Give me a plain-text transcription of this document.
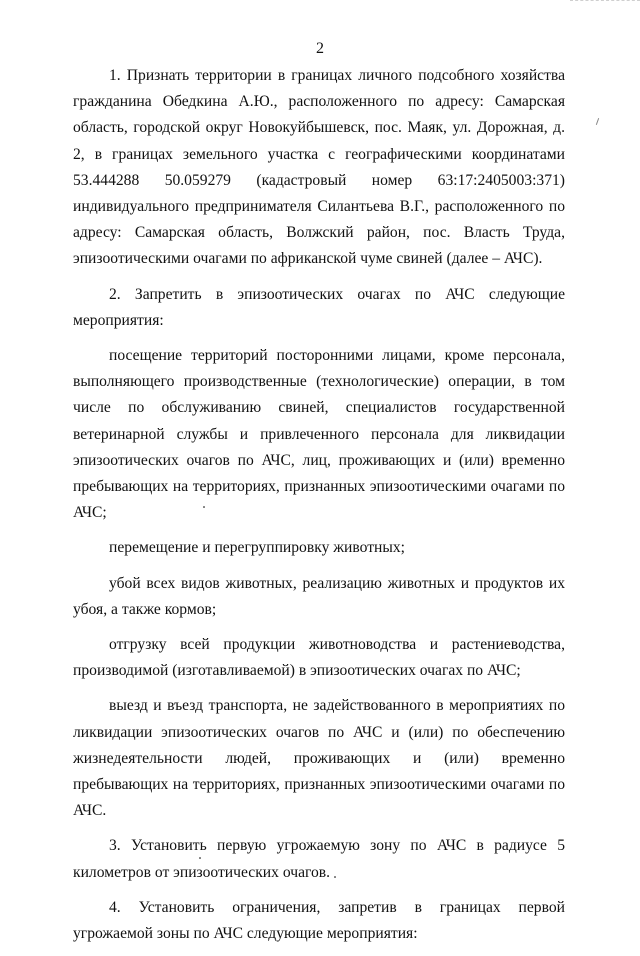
2

1. Признать территории в границах личного подсобного хозяйства гражданина Обедкина А.Ю., расположенного по адресу: Самарская область, городской округ Новокуйбышевск, пос. Маяк, ул. Дорожная, д. 2, в границах земельного участка с географическими координатами

53.444288 50.059279 (кадастровый номер 63:17:2405003:371)

индивидуального предпринимателя Силантьева В.Г., расположенного по адресу: Самарская область, Волжский район, пос. Власть Труда, эпизоотическими очагами по африканской чуме свиней (далее – АЧС).

2. Запретить в эпизоотических очагах по АЧС следующие мероприятия:

посещение территорий посторонними лицами, кроме персонала, выполняющего производственные (технологические) операции, в том числе по обслуживанию свиней, специалистов государственной ветеринарной службы и привлеченного персонала для ликвидации эпизоотических очагов по АЧС, лиц, проживающих и (или) временно пребывающих на территориях, признанных эпизоотическими очагами по АЧС;

перемещение и перегруппировку животных;

убой всех видов животных, реализацию животных и продуктов их убоя, а также кормов;

отгрузку всей продукции животноводства и растениеводства, производимой (изготавливаемой) в эпизоотических очагах по АЧС;

выезд и въезд транспорта, не задействованного в мероприятиях по ликвидации эпизоотических очагов по АЧС и (или) по обеспечению жизнедеятельности людей, проживающих и (или) временно пребывающих на территориях, признанных эпизоотическими очагами по АЧС.

3. Установить первую угрожаемую зону по АЧС в радиусе 5 километров от эпизоотических очагов.

4. Установить ограничения, запретив в границах первой угрожаемой зоны по АЧС следующие мероприятия:
